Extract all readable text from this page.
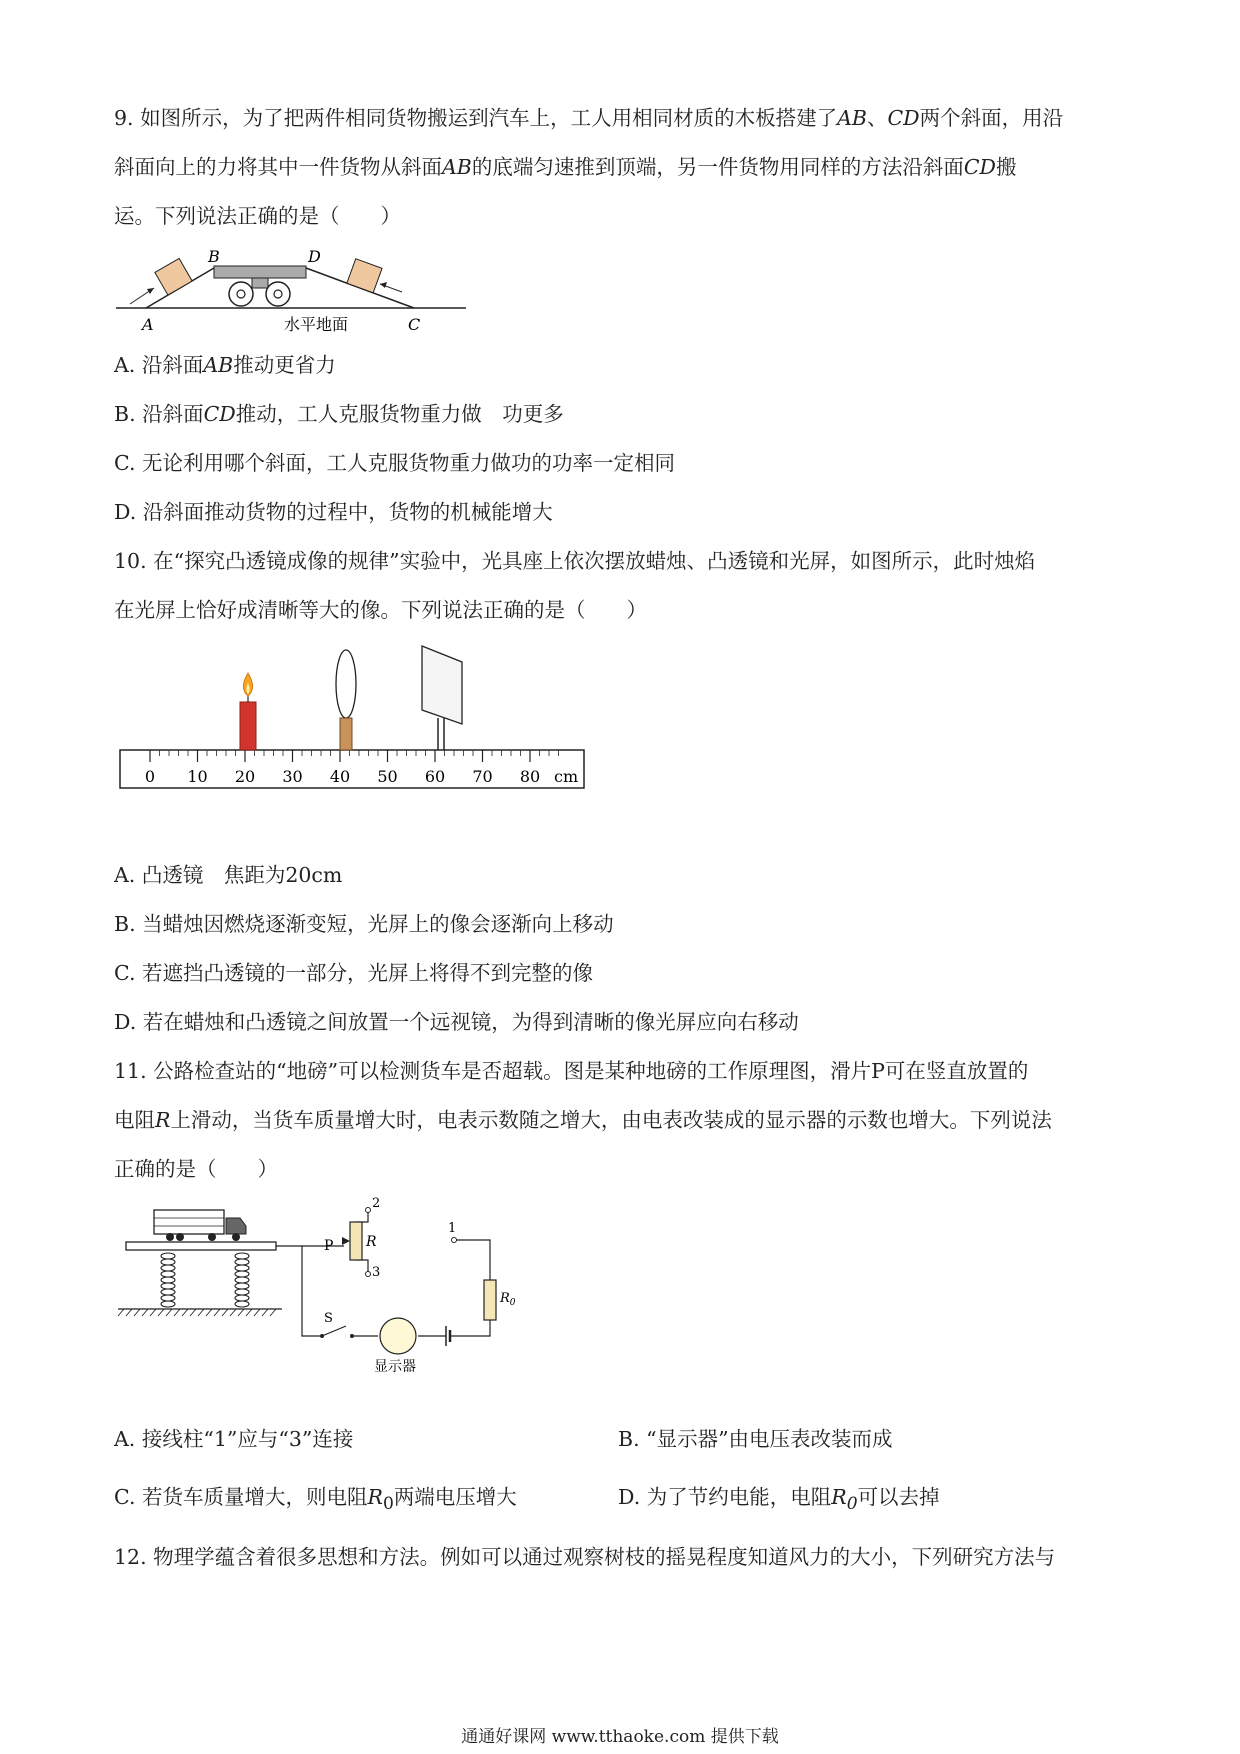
9. 如图所示，为了把两件相同货物搬运到汽车上，工人用相同材质的木板搭建了AB、CD两个斜面，用沿
斜面向上的力将其中一件货物从斜面AB的底端匀速推到顶端，另一件货物用同样的方法沿斜面CD搬
运。下列说法正确的是（　　）
A
B	D
C
水平地面
A. 沿斜面AB推动更省力
B. 沿斜面CD推动，工人克服货物重力做　功更多
C. 无论利用哪个斜面，工人克服货物重力做功的功率一定相同
D. 沿斜面推动货物的过程中，货物的机械能增大
10. 在“探究凸透镜成像的规律”实验中，光具座上依次摆放蜡烛、凸透镜和光屏，如图所示，此时烛焰
在光屏上恰好成清晰等大的像。下列说法正确的是（　　）
0 10 20 30 40 50 60 70 80 cm
A. 凸透镜　焦距为20cm
B. 当蜡烛因燃烧逐渐变短，光屏上的像会逐渐向上移动
C. 若遮挡凸透镜的一部分，光屏上将得不到完整的像
D. 若在蜡烛和凸透镜之间放置一个远视镜，为得到清晰的像光屏应向右移动
11. 公路检查站的“地磅”可以检测货车是否超载。图是某种地磅的工作原理图，滑片P可在竖直放置的
电阻R上滑动，当货车质量增大时，电表示数随之增大，由电表改装成的显示器的示数也增大。下列说法
正确的是（　　）
P R
2
3
1
S
$R_0$
显示器
A. 接线柱“1”应与“3”连接	B. “显示器”由电压表改装而成
C. 若货车质量增大，则电阻$R_0$两端电压增大	D. 为了节约电能，电阻$R_0$可以去掉
12. 物理学蕴含着很多思想和方法。例如可以通过观察树枝的摇晃程度知道风力的大小，下列研究方法与
通通好课网 www.tthaoke.com 提供下载
